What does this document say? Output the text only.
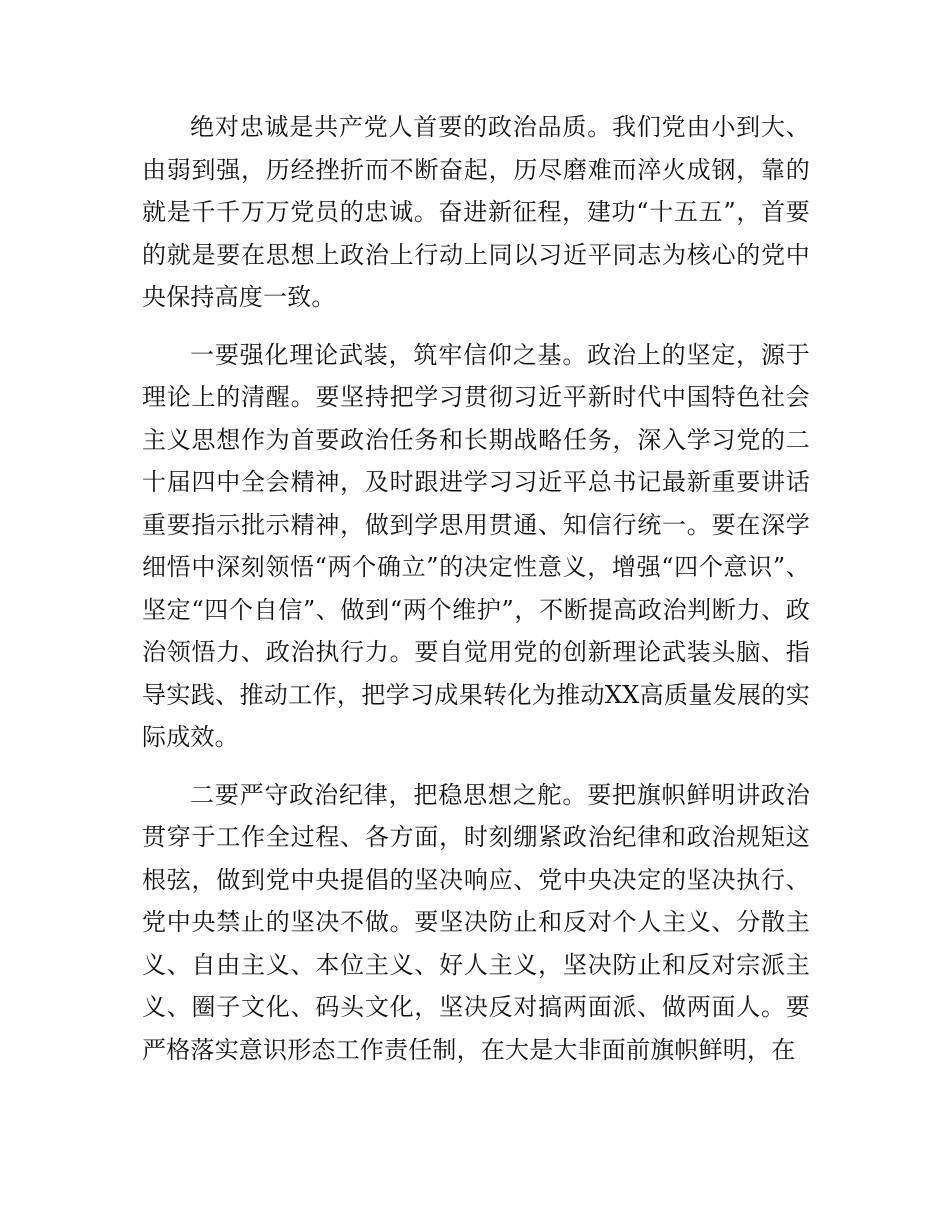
绝对忠诚是共产党人首要的政治品质。我们党由小到大、由弱到强，历经挫折而不断奋起，历尽磨难而淬火成钢，靠的就是千千万万党员的忠诚。奋进新征程，建功“十五五”，首要的就是要在思想上政治上行动上同以习近平同志为核心的党中央保持高度一致。

一要强化理论武装，筑牢信仰之基。政治上的坚定，源于理论上的清醒。要坚持把学习贯彻习近平新时代中国特色社会主义思想作为首要政治任务和长期战略任务，深入学习党的二十届四中全会精神，及时跟进学习习近平总书记最新重要讲话重要指示批示精神，做到学思用贯通、知信行统一。要在深学细悟中深刻领悟“两个确立”的决定性意义，增强“四个意识”、坚定“四个自信”、做到“两个维护”，不断提高政治判断力、政治领悟力、政治执行力。要自觉用党的创新理论武装头脑、指导实践、推动工作，把学习成果转化为推动XX高质量发展的实际成效。

二要严守政治纪律，把稳思想之舵。要把旗帜鲜明讲政治贯穿于工作全过程、各方面，时刻绷紧政治纪律和政治规矩这根弦，做到党中央提倡的坚决响应、党中央决定的坚决执行、党中央禁止的坚决不做。要坚决防止和反对个人主义、分散主义、自由主义、本位主义、好人主义，坚决防止和反对宗派主义、圈子文化、码头文化，坚决反对搞两面派、做两面人。要严格落实意识形态工作责任制，在大是大非面前旗帜鲜明，在
